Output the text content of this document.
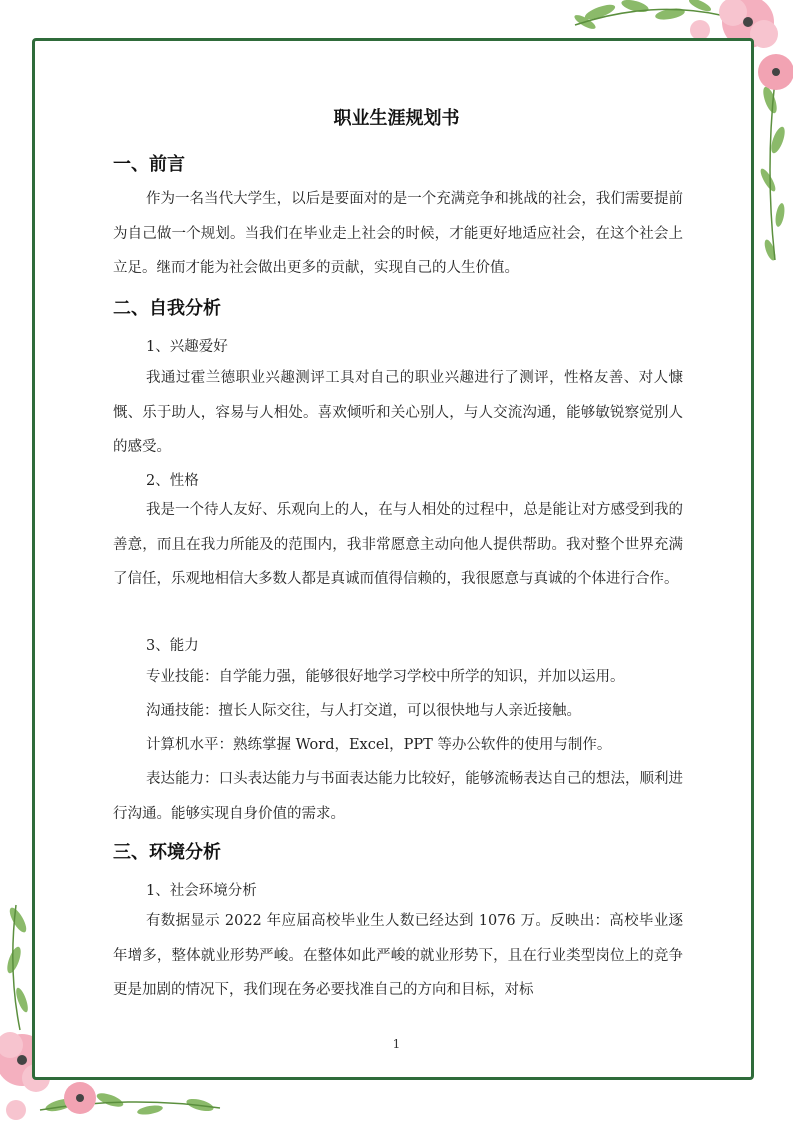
职业生涯规划书
一、前言
作为一名当代大学生，以后是要面对的是一个充满竞争和挑战的社会，我们需要提前为自己做一个规划。当我们在毕业走上社会的时候，才能更好地适应社会，在这个社会上立足。继而才能为社会做出更多的贡献，实现自己的人生价值。
二、自我分析
1、兴趣爱好
我通过霍兰德职业兴趣测评工具对自己的职业兴趣进行了测评，性格友善、对人慷慨、乐于助人，容易与人相处。喜欢倾听和关心别人，与人交流沟通，能够敏锐察觉别人的感受。
2、性格
我是一个待人友好、乐观向上的人，在与人相处的过程中，总是能让对方感受到我的善意，而且在我力所能及的范围内，我非常愿意主动向他人提供帮助。我对整个世界充满了信任，乐观地相信大多数人都是真诚而值得信赖的，我很愿意与真诚的个体进行合作。
3、能力
专业技能：自学能力强，能够很好地学习学校中所学的知识，并加以运用。
沟通技能：擅长人际交往，与人打交道，可以很快地与人亲近接触。
计算机水平：熟练掌握 Word，Excel，PPT 等办公软件的使用与制作。
表达能力：口头表达能力与书面表达能力比较好，能够流畅表达自己的想法，顺利进行沟通。能够实现自身价值的需求。
三、环境分析
1、社会环境分析
有数据显示 2022 年应届高校毕业生人数已经达到 1076 万。反映出：高校毕业逐年增多，整体就业形势严峻。在整体如此严峻的就业形势下，且在行业类型岗位上的竞争更是加剧的情况下，我们现在务必要找准自己的方向和目标，对标
1
